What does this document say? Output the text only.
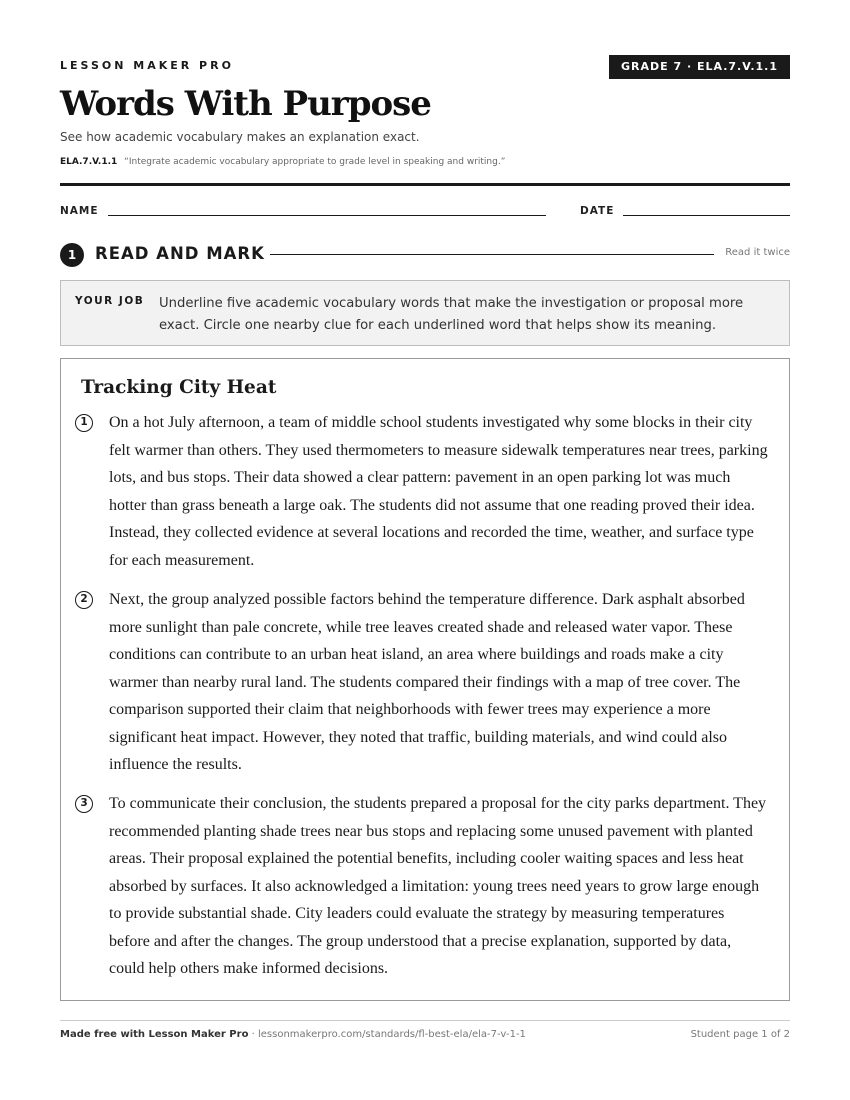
LESSON MAKER PRO	GRADE 7 · ELA.7.V.1.1
Words With Purpose
See how academic vocabulary makes an explanation exact.
ELA.7.V.1.1 “Integrate academic vocabulary appropriate to grade level in speaking and writing.”
NAME	DATE
1	READ AND MARK	Read it twice
YOUR JOB Underline five academic vocabulary words that make the investigation or proposal more exact. Circle one nearby clue for each underlined word that helps show its meaning.
Tracking City Heat
1	On a hot July afternoon, a team of middle school students investigated why some blocks in their city felt warmer than others. They used thermometers to measure sidewalk temperatures near trees, parking lots, and bus stops. Their data showed a clear pattern: pavement in an open parking lot was much hotter than grass beneath a large oak. The students did not assume that one reading proved their idea. Instead, they collected evidence at several locations and recorded the time, weather, and surface type for each measurement.
2	Next, the group analyzed possible factors behind the temperature difference. Dark asphalt absorbed more sunlight than pale concrete, while tree leaves created shade and released water vapor. These conditions can contribute to an urban heat island, an area where buildings and roads make a city warmer than nearby rural land. The students compared their findings with a map of tree cover. The comparison supported their claim that neighborhoods with fewer trees may experience a more significant heat impact. However, they noted that traffic, building materials, and wind could also influence the results.
3	To communicate their conclusion, the students prepared a proposal for the city parks department. They recommended planting shade trees near bus stops and replacing some unused pavement with planted areas. Their proposal explained the potential benefits, including cooler waiting spaces and less heat absorbed by surfaces. It also acknowledged a limitation: young trees need years to grow large enough to provide substantial shade. City leaders could evaluate the strategy by measuring temperatures before and after the changes. The group understood that a precise explanation, supported by data, could help others make informed decisions.
Made free with Lesson Maker Pro · lessonmakerpro.com/standards/fl-best-ela/ela-7-v-1-1	Student page 1 of 2
